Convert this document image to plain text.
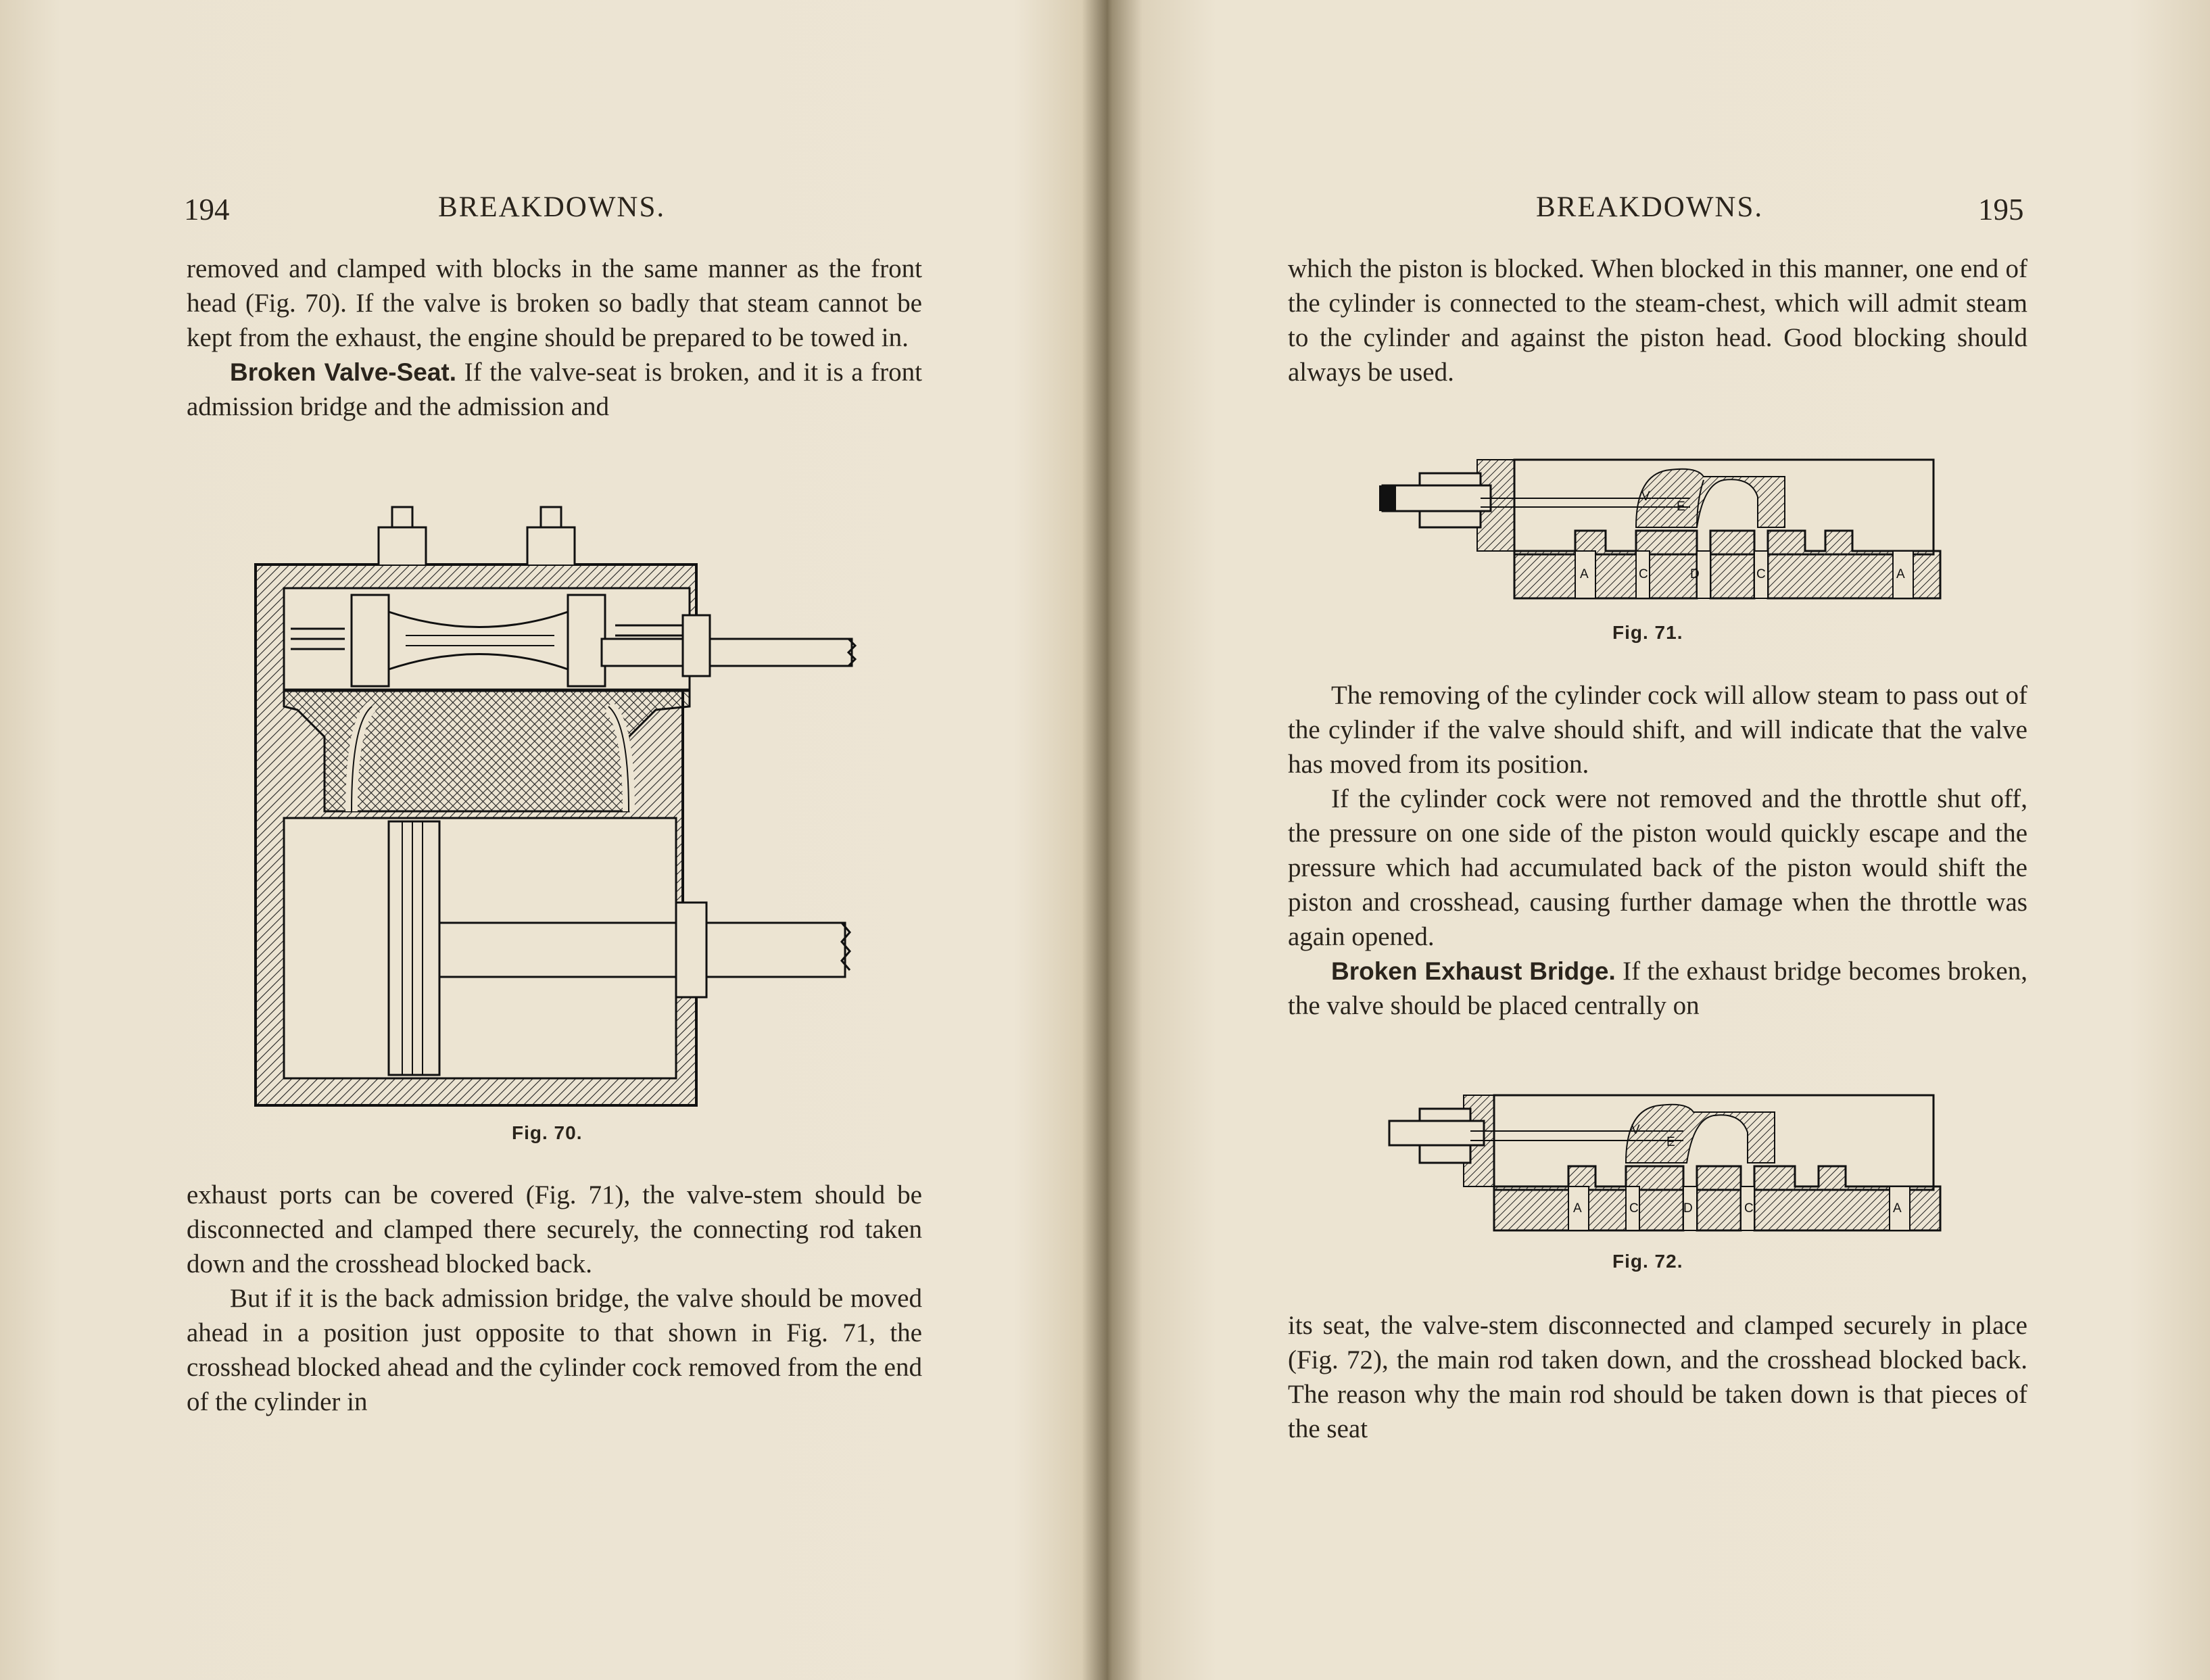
194	BREAKDOWNS.

removed and clamped with blocks in the same manner as the front head (Fig. 70). If the valve is broken so badly that steam cannot be kept from the exhaust, the engine should be prepared to be towed in.

Broken Valve-Seat. If the valve-seat is broken, and it is a front admission bridge and the admission and

Fig. 70.

exhaust ports can be covered (Fig. 71), the valve-stem should be disconnected and clamped there securely, the connecting rod taken down and the crosshead blocked back.

But if it is the back admission bridge, the valve should be moved ahead in a position just opposite to that shown in Fig. 71, the crosshead blocked ahead and the cylinder cock removed from the end of the cylinder in

BREAKDOWNS.	195

which the piston is blocked. When blocked in this manner, one end of the cylinder is connected to the steam-chest, which will admit steam to the cylinder and against the piston head. Good blocking should always be used.

V
E
A	C	D	C	A
Fig. 71.

The removing of the cylinder cock will allow steam to pass out of the cylinder if the valve should shift, and will indicate that the valve has moved from its position.

If the cylinder cock were not removed and the throttle shut off, the pressure on one side of the piston would quickly escape and the pressure which had accumulated back of the piston would shift the piston and crosshead, causing further damage when the throttle was again opened.

Broken Exhaust Bridge. If the exhaust bridge becomes broken, the valve should be placed centrally on

V
E
A	C	D	C	A
Fig. 72.

its seat, the valve-stem disconnected and clamped securely in place (Fig. 72), the main rod taken down, and the crosshead blocked back. The reason why the main rod should be taken down is that pieces of the seat
